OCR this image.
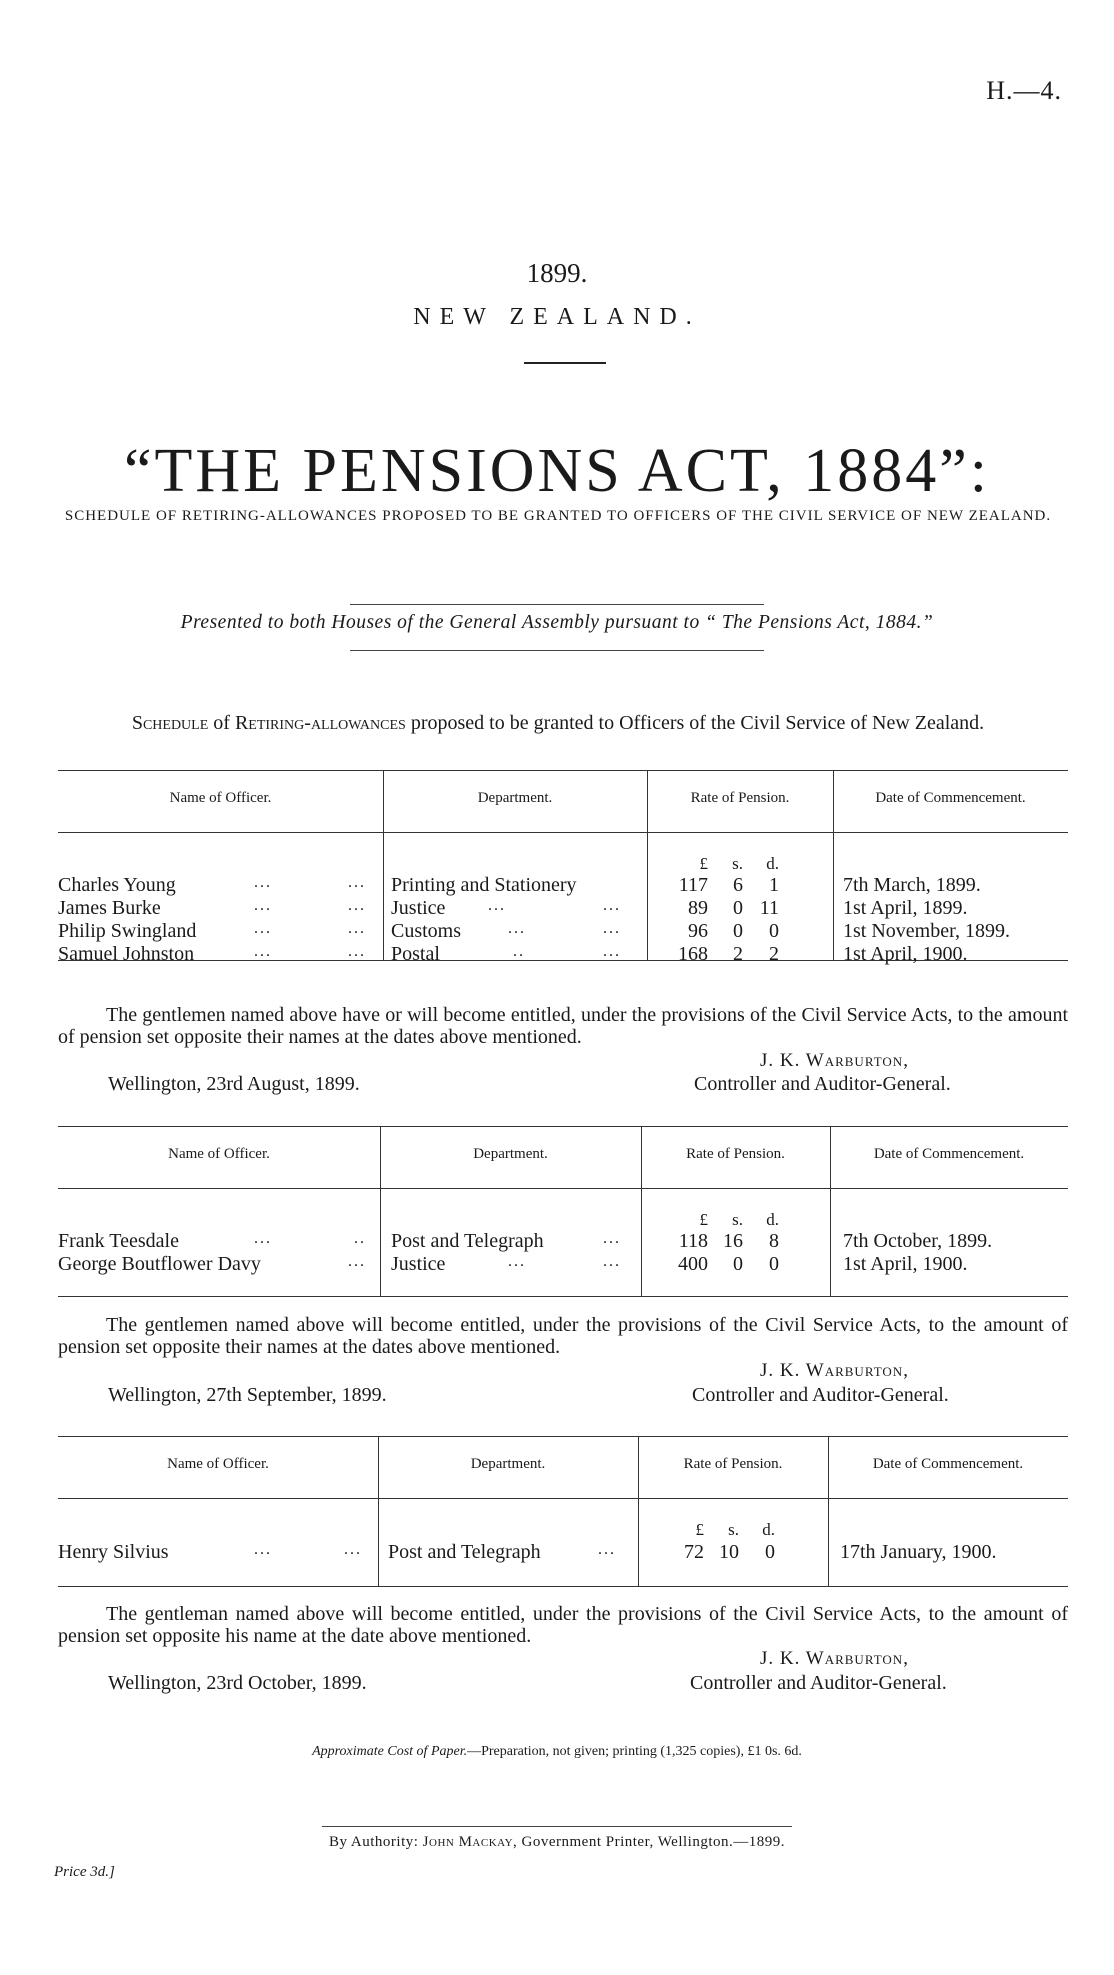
H.—4.
1899.
NEW ZEALAND.
“THE PENSIONS ACT, 1884”:
SCHEDULE OF RETIRING-ALLOWANCES PROPOSED TO BE GRANTED TO OFFICERS OF THE CIVIL SERVICE OF NEW ZEALAND.
Presented to both Houses of the General Assembly pursuant to “ The Pensions Act, 1884.”
Schedule of Retiring-allowances proposed to be granted to Officers of the Civil Service of New Zealand.
Name of Officer.	Department.	Rate of Pension.	Date of Commencement.
£	s.	d.
Charles Young	...	... Printing and Stationery	117	6	1	7th March, 1899.
James Burke	...	... Justice	...	...	89	0 11	1st April, 1899.
Philip Swingland	...	... Customs	...	...	96	0	0	1st November, 1899.
Samuel Johnston	...	... Postal	..	...	168	2	2	1st April, 1900.
The gentlemen named above have or will become entitled, under the provisions of the Civil Service Acts, to the amount of pension set opposite their names at the dates above mentioned.
J. K. Warburton,
Wellington, 23rd August, 1899.	Controller and Auditor-General.
Name of Officer.	Department.	Rate of Pension.	Date of Commencement.
£	s.	d.
Frank Teesdale	...	.. Post and Telegraph	...	118 16	8	7th October, 1899.
George Boutflower Davy	... Justice	...	...	400	0	0	1st April, 1900.
The gentlemen named above will become entitled, under the provisions of the Civil Service Acts, to the amount of pension set opposite their names at the dates above mentioned.
J. K. Warburton,
Wellington, 27th September, 1899.	Controller and Auditor-General.
Name of Officer.	Department.	Rate of Pension.	Date of Commencement.
£	s.	d.
Henry Silvius	...	... Post and Telegraph	...	72 10	0	17th January, 1900.
The gentleman named above will become entitled, under the provisions of the Civil Service Acts, to the amount of pension set opposite his name at the date above mentioned.
J. K. Warburton,
Wellington, 23rd October, 1899.	Controller and Auditor-General.
Approximate Cost of Paper.—Preparation, not given; printing (1,325 copies), £1 0s. 6d.
By Authority: John Mackay, Government Printer, Wellington.—1899.
Price 3d.]
